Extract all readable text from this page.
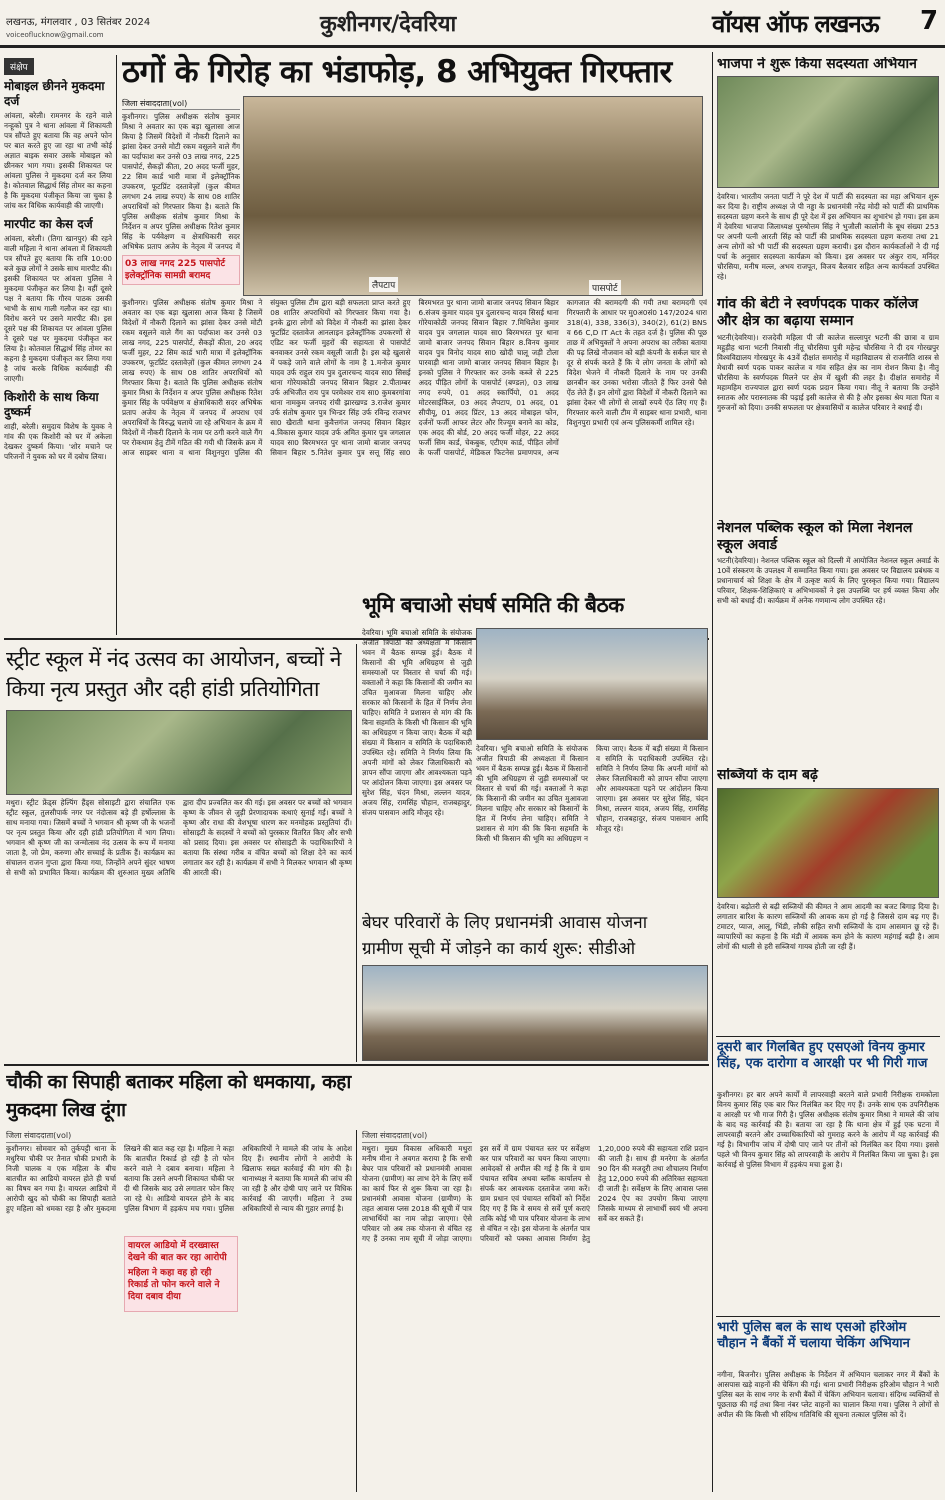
लखनऊ, मंगलवार , 03 सितंबर 2024
voiceoflucknow@gmail.com	कुशीनगर/देवरिया	वॉयस ऑफ लखनऊ 7
संक्षेप
मोबाइल छीनने मुकदमा दर्ज
आंवला, बरेली। रामनगर के रहने वाले नन्हूको पुत्र ने थाना आंवला में शिकायती पत्र सौंपते हुए बताया कि वह अपने फोन पर बात करते हुए जा रहा था तभी कोई अज्ञात बाइक सवार उसके मोबाइल को छीनकर भाग गया। इसकी शिकायत पर आंवला पुलिस ने मुकदमा दर्ज कर लिया है। कोतवाल सिद्धार्थ सिंह तोमर का कहना है कि मुकदमा पंजीकृत किया जा चुका है जांच कर विधिक कार्यवाही की जाएगी।
मारपीट का केस दर्ज
आंवला, बरेली। (तिगा खानपुर) की रहने वाली महिला ने थाना आंवला में शिकायती पत्र सौंपते हुए बताया कि रात्रि 10:00 बजे कुछ लोगों ने उसके साथ मारपीट की। इसकी शिकायत पर आंवला पुलिस ने मुकदमा पंजीकृत कर लिया है। वहीं दूसरे पक्ष ने बताया कि गौरव पाठक उसकी भाभी के साथ गाली गलौज कर रहा था। विरोध करने पर उसने मारपीट की। इस दूसरे पक्ष की शिकायत पर आंवला पुलिस ने दूसरे पक्ष पर मुकदमा पंजीकृत कर लिया है। कोतवाल सिद्धार्थ सिंह तोमर का कहना है मुकदमा पंजीकृत कर लिया गया है जांच करके विधिक कार्यवाही की जाएगी।
किशोरी के साथ किया दुष्कर्म
शाही, बरेली। समुदाय विशेष के युवक ने गांव की एक किशोरी को घर में अकेला देखकर दुष्कर्म किया। 'शोर मचाने पर परिजनों ने युवक को घर में दबोच लिया।
ठगों के गिरोह का भंडाफोड़, 8 अभियुक्त गिरफ्तार
जिला संवाददाता(vol)
लैपटाप	पासपोर्ट
कुशीनगर। पुलिस अधीक्षक संतोष कुमार मिश्रा ने अवतार का एक बड़ा खुलासा आज किया है जिसमें विदेशों में नौकरी दिलाने का झांसा देकर उनसे मोटी रकम वसूलने वाले गैंग का पर्दाफाश कर उनसे 03 लाख नगद, 225 पासपोर्ट, सैकड़ों कीता, 20 अदद फर्जी मुहर, 22 सिम कार्ड भारी मात्रा में इलेक्ट्रॉनिक उपकरण, फूटप्रिंट दस्तावेज़ों (कुल कीमत लगभग 24 लाख रुपए) के साथ 08 शातिर अपराधियों को गिरफ्तार किया है। बताते कि पुलिस अधीक्षक संतोष कुमार मिश्रा के निर्देशन व अपर पुलिस अधीक्षक रितेश कुमार सिंह के पर्यवेक्षण व क्षेत्राधिकारी सदर अभिषेक प्रताप अजेय के नेतृत्व में जनपद में
03 लाख नगद 225 पासपोर्ट इलेक्ट्रॉनिक सामग्री बरामद
कुशीनगर। पुलिस अधीक्षक संतोष कुमार मिश्रा ने अवतार का एक बड़ा खुलासा आज किया है जिसमें विदेशों में नौकरी दिलाने का झांसा देकर उनसे मोटी रकम वसूलने वाले गैंग का पर्दाफाश कर उनसे 03 लाख नगद, 225 पासपोर्ट, सैकड़ों कीता, 20 अदद फर्जी मुहर, 22 सिम कार्ड भारी मात्रा में इलेक्ट्रॉनिक उपकरण, फूटप्रिंट दस्तावेज़ों (कुल कीमत लगभग 24 लाख रुपए) के साथ 08 शातिर अपराधियों को गिरफ्तार किया है। बताते कि पुलिस अधीक्षक संतोष कुमार मिश्रा के निर्देशन व अपर पुलिस अधीक्षक रितेश कुमार सिंह के पर्यवेक्षण व क्षेत्राधिकारी सदर अभिषेक प्रताप अजेय के नेतृत्व में जनपद में अपराध एवं अपराधियों के विरुद्ध चलाये जा रहे अभियान के क्रम में विदेशों में नौकरी दिलाने के नाम पर ठगी करने वाले गैंग पर रोकथाम हेतु टीमें गठित की गयी थी जिसके क्रम में आज साइबर थाना व थाना विशुनपुरा पुलिस की संयुक्त पुलिस टीम द्वारा बड़ी सफलता प्राप्त करते हुए 08 शातिर अपराधियों को गिरफ्तार किया गया है। इनके द्वारा लोगों को विदेश में नौकरी का झांसा देकर फूटप्रिंट दस्तावेज आनलाइन इलेक्ट्रॉनिक उपकरणों से एडिट कर फर्जी मुहरों की सहायता से पासपोर्ट बनवाकर उनसे रकम वसूली जाती है। इस बड़े खुलासे में पकड़े जाने वाले लोगों के नाम है 1.मनोज कुमार यादव उर्फ राहुल राय पुत्र दुलारचन्द यादव सा0 सिसई थाना गोरेयाकोठी जनपद सिवान बिहार 2.पीताम्बर उर्फ अभिजीत राय पुत्र परमेश्वर राय सा0 कुमबरगांवा थाना नामकुम जनपद रांची झारखण्ड 3.राजेश कुमार उर्फ संतोष कुमार पुत्र भिन्डर सिंह उर्फ रविन्द्र राजभर सा0 खैराती थाना कुवैत्तगंज जनपद सिवान बिहार 4.विकास कुमार यादव उर्फ अमित कुमार पुत्र जगलाल यादव सा0 बिरमभरत पुर थाना जामो बाजार जनपद सिवान बिहार 5.नितेश कुमार पुत्र सत्तू सिंह सा0 बिरमभरत पुर थाना जामो बाजार जनपद सिवान बिहार 6.संजय कुमार यादव पुत्र दुलारचन्द यादव सिसई थाना गोरेयाकोठी जनपद सिवान बिहार 7.मिथिलेश कुमार यादव पुत्र जगलाल यादव सा0 बिरमभरत पुर थाना जामो बाजार जनपद सिवान बिहार 8.विनय कुमार यादव पुत्र विनोद यादव सा0 खोदी चालू जड़ी टोला पारवाड़ी थाना जामो बाजार जनपद सिवान बिहार है। इनको पुलिस ने गिरफ्तार कर उनके कब्जे से 225 अदद पीड़ित लोगों के पासपोर्ट (बण्डल), 03 लाख नगद रुपये, 01 अदद स्कार्पियो, 01 अदद मोटरसाईकिल, 03 अदद लैपटाप, 01 अदद, 01 सीपीयू, 01 अदद प्रिंटर, 13 अदद मोबाइल फोन, दर्जनों फर्जी आफर लेटर और रिज्यूम बनाने का कोड, एक अदद की बोर्ड, 20 अदद फर्जी मोहर, 22 अदद फर्जी सिम कार्ड, चेकबुक, एटीएम कार्ड, पीड़ित लोगों के फर्जी पासपोर्ट, मेडिकल फिटनेस प्रमाणपत्र, अन्य कागजात की बरामदगी की गयी तथा बरामदगी एवं गिरफ्तारी के आधार पर मु0अ0सं0 147/2024 धारा 318(4), 338, 336(3), 340(2), 61(2) BNS व 66 C,D IT Act के तहत दर्ज है। पुलिस की पूछ ताछ में अभियुक्तों ने अपना अपराध का तरीका बताया की पढ़ लिखे नौजवान को बड़ी कंपनी के सर्कल चार से दूर से संपर्क करते हैं कि ये लोग जनता के लोगों को विदेश भेजने में नौकरी दिलाने के नाम पर उनकी छानबीन कर उनका भरोसा जीतते हैं फिर उनसे पैसे ऐंठ लेते हैं। इन लोगों द्वारा विदेशों में नौकरी दिलाने का झांसा देकर भी लोगों से लाखों रुपये ऐंठ लिए गए हैं। गिरफ्तार करने वाली टीम में साइबर थाना प्रभारी, थाना विशुनपुरा प्रभारी एवं अन्य पुलिसकर्मी शामिल रहे।
भाजपा ने शुरू किया सदस्यता अभियान
देवरिया। भारतीय जनता पार्टी ने पूरे देश में पार्टी की सदस्यता का महा अभियान शुरू कर दिया है। राष्ट्रीय अध्यक्ष जे पी नड्डा के प्रधानमंत्री नरेंद्र मोदी को पार्टी की प्राथमिक सदस्यता ग्रहण करने के साथ ही पूरे देश में इस अभियान का शुभारंभ हो गया। इस क्रम में देवरिया भाजपा जिलाध्यक्ष पुरुषोत्तम सिंह ने भुजौली कालोनी के बूथ संख्या 253 पर अपनी पत्नी आरती सिंह को पार्टी की प्राथमिक सदस्यता ग्रहण कराया तथा 21 अन्य लोगों को भी पार्टी की सदस्यता ग्रहण करायी। इस दौरान कार्यकर्ताओं ने दी गई पर्चा के अनुसार सदस्यता कार्यक्रम को किया। इस अवसर पर अंकुर राय, मनिंदर चौरसिया, मनीष मल्ल, अभय राजपूत, विजय बैलवार सहित अन्य कार्यकर्ता उपस्थित रहे।
गांव की बेटी ने स्वर्णपदक पाकर कॉलेज और क्षेत्र का बढ़ाया सम्मान
भटनी(देवरिया)। राजदेवी महिला पी जी कालेज सल्लापुर भटनी की छात्रा व ग्राम महुड़ीह थाना भटनी निवासी नीतू चौरसिया पुत्री महेन्द्र चौरसिया ने दी दय गोरखपुर विश्वविद्यालय गोरखपुर के 43वें दीक्षांत समारोह में महाविद्यालय से राजनीति शास्त्र से मेधावी स्वर्ण पदक पाकर कालेज व गांव सहित क्षेत्र का नाम रोशन किया है। नीतू चौरसिया के स्वर्णपदक मिलने पर क्षेत्र में खुशी की लहर है। दीक्षांत समारोह में महामहिम राज्यपाल द्वारा स्वर्ण पदक प्रदान किया गया। नीतू ने बताया कि उन्होंने स्नातक और परास्नातक की पढ़ाई इसी कालेज से की है और इसका श्रेय माता पिता व गुरुजनों को दिया। उनकी सफलता पर क्षेत्रवासियों व कालेज परिवार ने बधाई दी।
नेशनल पब्लिक स्कूल को मिला नेशनल स्कूल अवार्ड
भटनी(देवरिया)। नेशनल पब्लिक स्कूल को दिल्ली में आयोजित नेशनल स्कूल अवार्ड के 10वें संस्करण के उपलक्ष्य में सम्मानित किया गया। इस अवसर पर विद्यालय प्रबंधक व प्रधानाचार्य को शिक्षा के क्षेत्र में उत्कृष्ट कार्य के लिए पुरस्कृत किया गया। विद्यालय परिवार, शिक्षक-शिक्षिकाएं व अभिभावकों ने इस उपलब्धि पर हर्ष व्यक्त किया और सभी को बधाई दी। कार्यक्रम में अनेक गणमान्य लोग उपस्थित रहे।
सब्जियों के दाम बढ़े
देवरिया। बढ़ोतरी से बढ़ी सब्जियों की कीमत ने आम आदमी का बजट बिगाड़ दिया है। लगातार बारिश के कारण सब्जियों की आवक कम हो गई है जिससे दाम बढ़ गए हैं। टमाटर, प्याज, आलू, भिंडी, लौकी सहित सभी सब्जियों के दाम आसमान छू रहे हैं। व्यापारियों का कहना है कि मंडी में आवक कम होने के कारण महंगाई बढ़ी है। आम लोगों की थाली से हरी सब्जियां गायब होती जा रही हैं।
दूसरी बार गिलबित हुए एसएओ विनय कुमार सिंह, एक दारोगा व आरक्षी पर भी गिरी गाज
कुशीनगर। हर बार अपने कार्यों में लापरवाही बरतने वाले प्रभारी निरीक्षक रामकोला विनय कुमार सिंह एक बार फिर निलंबित कर दिए गए हैं। उनके साथ एक उपनिरीक्षक व आरक्षी पर भी गाज गिरी है। पुलिस अधीक्षक संतोष कुमार मिश्रा ने मामले की जांच के बाद यह कार्रवाई की है। बताया जा रहा है कि थाना क्षेत्र में हुई एक घटना में लापरवाही बरतने और उच्चाधिकारियों को गुमराह करने के आरोप में यह कार्रवाई की गई है। विभागीय जांच में दोषी पाए जाने पर तीनों को निलंबित कर दिया गया। इससे पहले भी विनय कुमार सिंह को लापरवाही के आरोप में निलंबित किया जा चुका है। इस कार्रवाई से पुलिस विभाग में हड़कंप मचा हुआ है।
भारी पुलिस बल के साथ एसओ हरिओम चौहान ने बैंकों में चलाया चेकिंग अभियान
नगीना, बिजनौर। पुलिस अधीक्षक के निर्देशन में अभियान चलाकर नगर में बैंकों के आसपास खड़े वाहनों की चेकिंग की गई। थाना प्रभारी निरीक्षक हरिओम चौहान ने भारी पुलिस बल के साथ नगर के सभी बैंकों में चेकिंग अभियान चलाया। संदिग्ध व्यक्तियों से पूछताछ की गई तथा बिना नंबर प्लेट वाहनों का चालान किया गया। पुलिस ने लोगों से अपील की कि किसी भी संदिग्ध गतिविधि की सूचना तत्काल पुलिस को दें।
स्ट्रीट स्कूल में नंद उत्सव का आयोजन, बच्चों ने किया नृत्य प्रस्तुत और दही हांडी प्रतियोगिता
मथुरा। स्ट्रीट फ्रेंड्स हेल्पिंग हैंड्स सोसाइटी द्वारा संचालित एक स्ट्रीट स्कूल, तुलसीपार्क नगर पर नंदोत्सव बड़े ही हर्षोल्लास के साथ मनाया गया। जिसमें बच्चों ने भगवान श्री कृष्ण जी के भजनों पर नृत्य प्रस्तुत किया और दही हांडी प्रतियोगिता में भाग लिया। भगवान श्री कृष्ण जी का जन्मोत्सव नंद उत्सव के रूप में मनाया जाता है, जो प्रेम, करुणा और सच्चाई के प्रतीक हैं। कार्यक्रम का संचालन राजन गुप्ता द्वारा किया गया, जिन्होंने अपने सुंदर भाषण से सभी को प्रभावित किया। कार्यक्रम की शुरुआत मुख्य अतिथि द्वारा दीप प्रज्वलित कर की गई। इस अवसर पर बच्चों को भगवान कृष्ण के जीवन से जुड़ी प्रेरणादायक कथाएं सुनाई गईं। बच्चों ने कृष्ण और राधा की वेशभूषा धारण कर मनमोहक प्रस्तुतियां दीं। सोसाइटी के सदस्यों ने बच्चों को पुरस्कार वितरित किए और सभी को प्रसाद दिया। इस अवसर पर सोसाइटी के पदाधिकारियों ने बताया कि संस्था गरीब व वंचित बच्चों को शिक्षा देने का कार्य लगातार कर रही है। कार्यक्रम में सभी ने मिलकर भगवान श्री कृष्ण की आरती की।
भूमि बचाओ संघर्ष समिति की बैठक
देवरिया। भूमि बचाओ समिति के संयोजक अजीत त्रिपाठी की अध्यक्षता में किसान भवन में बैठक सम्पन्न हुई। बैठक में किसानों की भूमि अधिग्रहण से जुड़ी समस्याओं पर विस्तार से चर्चा की गई। वक्ताओं ने कहा कि किसानों की जमीन का उचित मुआवजा मिलना चाहिए और सरकार को किसानों के हित में निर्णय लेना चाहिए। समिति ने प्रशासन से मांग की कि बिना सहमति के किसी भी किसान की भूमि का अधिग्रहण न किया जाए। बैठक में बड़ी संख्या में किसान व समिति के पदाधिकारी उपस्थित रहे। समिति ने निर्णय लिया कि अपनी मांगों को लेकर जिलाधिकारी को ज्ञापन सौंपा जाएगा और आवश्यकता पड़ने पर आंदोलन किया जाएगा। इस अवसर पर सुरेश सिंह, चंदन मिश्रा, लल्लन यादव, अजय सिंह, रामसिंह चौहान, राजबहादुर, संजय पासवान आदि मौजूद रहे।
देवरिया। भूमि बचाओ समिति के संयोजक अजीत त्रिपाठी की अध्यक्षता में किसान भवन में बैठक सम्पन्न हुई। बैठक में किसानों की भूमि अधिग्रहण से जुड़ी समस्याओं पर विस्तार से चर्चा की गई। वक्ताओं ने कहा कि किसानों की जमीन का उचित मुआवजा मिलना चाहिए और सरकार को किसानों के हित में निर्णय लेना चाहिए। समिति ने प्रशासन से मांग की कि बिना सहमति के किसी भी किसान की भूमि का अधिग्रहण न किया जाए। बैठक में बड़ी संख्या में किसान व समिति के पदाधिकारी उपस्थित रहे। समिति ने निर्णय लिया कि अपनी मांगों को लेकर जिलाधिकारी को ज्ञापन सौंपा जाएगा और आवश्यकता पड़ने पर आंदोलन किया जाएगा। इस अवसर पर सुरेश सिंह, चंदन मिश्रा, लल्लन यादव, अजय सिंह, रामसिंह चौहान, राजबहादुर, संजय पासवान आदि मौजूद रहे।
बेघर परिवारों के लिए प्रधानमंत्री आवास योजना
ग्रामीण सूची में जोड़ने का कार्य शुरू: सीडीओ
चौकी का सिपाही बताकर महिला को धमकाया, कहा मुकदमा लिख दूंगा
जिला संवाददाता(vol)
कुशीनगर। सोमवार को तुर्कपट्टी थाना के मधुरिया चौकी पर तैनात चौकी प्रभारी के निजी चालक व एक महिला के बीच बातचीत का आडियो वायरल होते ही चर्चा का विषय बन गया है। वायरल आडियो में आरोपी खुद को चौकी का सिपाही बताते हुए महिला को धमका रहा है और मुकदमा लिखने की बात कह रहा है। महिला ने कहा कि बातचीत रिकार्ड हो रही है तो फोन करने वाले ने दबाव बनाया। महिला ने बताया कि उसने अपनी शिकायत चौकी पर दी थी जिसके बाद उसे लगातार फोन किए जा रहे थे। आडियो वायरल होने के बाद पुलिस विभाग में हड़कंप मच गया। पुलिस अधिकारियों ने मामले की जांच के आदेश दिए हैं। स्थानीय लोगों ने आरोपी के खिलाफ सख्त कार्रवाई की मांग की है। थानाध्यक्ष ने बताया कि मामले की जांच की जा रही है और दोषी पाए जाने पर विधिक कार्रवाई की जाएगी। महिला ने उच्च अधिकारियों से न्याय की गुहार लगाई है।
वायरल आडियो में दरख्वास्त देखने की बात कर रहा आरोपी
महिला ने कहा वह हो रही रिकार्ड तो फोन करने वाले ने दिया दबाव दीया
जिला संवाददाता(vol)
मथुरा। मुख्य विकास अधिकारी मथुरा मनीष मीना ने अवगत कराया है कि सभी बेघर पात्र परिवारों को प्रधानमंत्री आवास योजना (ग्रामीण) का लाभ देने के लिए सर्वे का कार्य फिर से शुरू किया जा रहा है। प्रधानमंत्री आवास योजना (ग्रामीण) के तहत आवास प्लस 2018 की सूची में पात्र लाभार्थियों का नाम जोड़ा जाएगा। ऐसे परिवार जो अब तक योजना से वंचित रह गए हैं उनका नाम सूची में जोड़ा जाएगा। इस सर्वे में ग्राम पंचायत स्तर पर सर्वेक्षण कर पात्र परिवारों का चयन किया जाएगा। आवेदकों से अपील की गई है कि वे ग्राम पंचायत सचिव अथवा ब्लॉक कार्यालय से संपर्क कर आवश्यक दस्तावेज जमा करें। ग्राम प्रधान एवं पंचायत सचिवों को निर्देश दिए गए हैं कि वे समय से सर्वे पूर्ण कराएं ताकि कोई भी पात्र परिवार योजना के लाभ से वंचित न रहे। इस योजना के अंतर्गत पात्र परिवारों को पक्का आवास निर्माण हेतु 1,20,000 रुपये की सहायता राशि प्रदान की जाती है। साथ ही मनरेगा के अंतर्गत 90 दिन की मजदूरी तथा शौचालय निर्माण हेतु 12,000 रुपये की अतिरिक्त सहायता दी जाती है। सर्वेक्षण के लिए आवास प्लस 2024 ऐप का उपयोग किया जाएगा जिसके माध्यम से लाभार्थी स्वयं भी अपना सर्वे कर सकते हैं।
